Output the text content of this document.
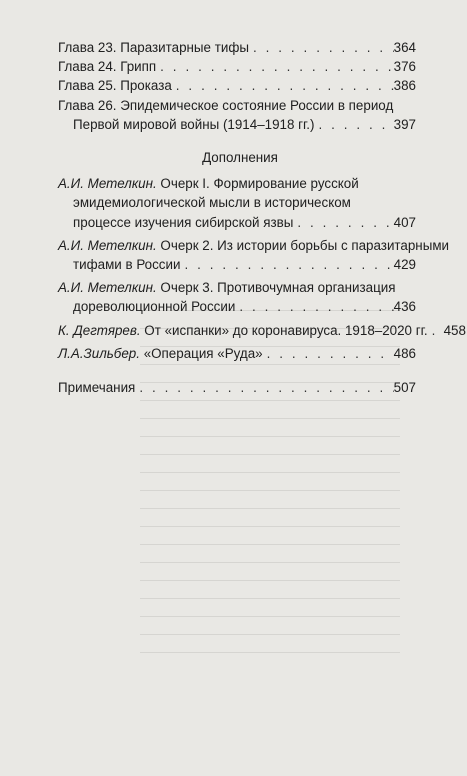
Глава 23. Паразитарные тифы . . .	364
Глава 24. Грипп . . .	376
Глава 25. Проказа . . .	386
Глава 26. Эпидемическое состояние России в период
Первой мировой войны (1914–1918 гг.) . . .	397
Дополнения
А.И. Метелкин. Очерк I. Формирование русской
эмидемиологической мысли в историческом
процессе изучения сибирской язвы . . .	407
А.И. Метелкин. Очерк 2. Из истории борьбы с паразитарными
тифами в России . . .	429
А.И. Метелкин. Очерк 3. Противочумная организация
дореволюционной России . . .	436
К. Дегтярев. От «испанки» до коронавируса. 1918–2020 гг. . . . 458
Л.А.Зильбер. «Операция «Руда» . . .	486
Примечания . . .	507
